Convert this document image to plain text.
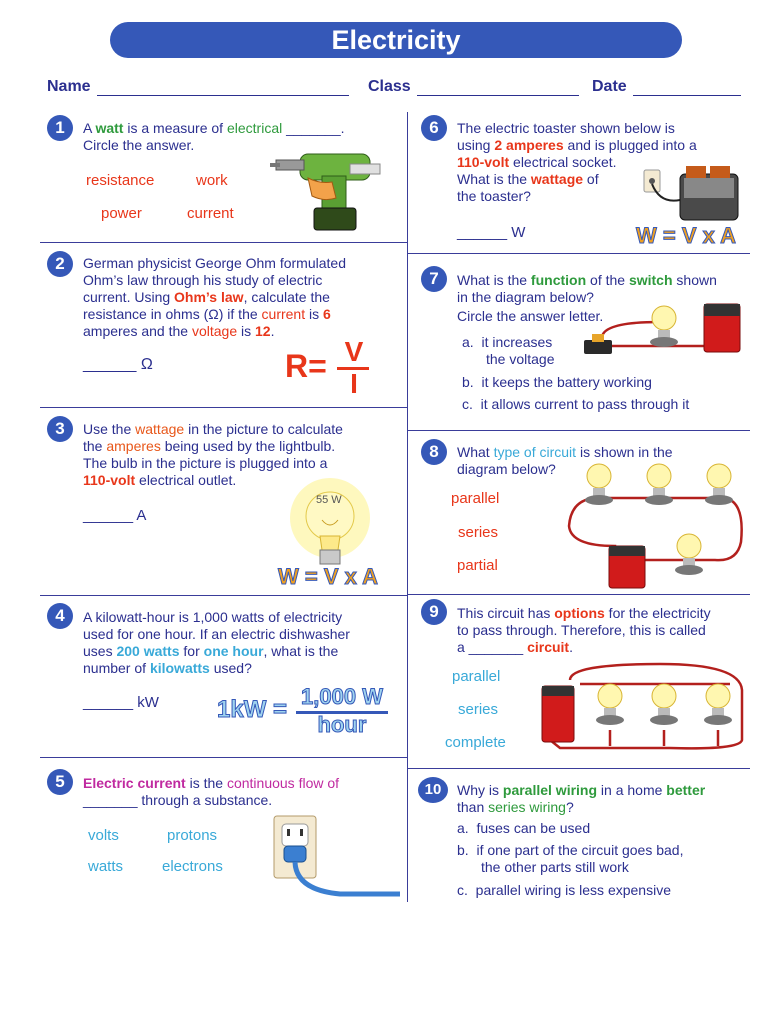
Electricity
Name	Class	Date
1	A watt is a measure of electrical _______.
Circle the answer.
resistance	work
power	current
2	German physicist George Ohm formulated
Ohm’s law through his study of electric
current. Using Ohm’s law, calculate the
resistance in ohms (Ω) if the current is 6
amperes and the voltage is 12.
______ Ω	R= V
I
3	Use the wattage in the picture to calculate
the amperes being used by the lightbulb.
The bulb in the picture is plugged into a
110-volt electrical outlet.
______ A
55 W
W = V x A
4	A kilowatt-hour is 1,000 watts of electricity
used for one hour. If an electric dishwasher
uses 200 watts for one hour, what is the
number of kilowatts used?
______ kW 1kW = 1,000 W
hour
5	Electric current is the continuous flow of
_______ through a substance.
volts	protons
watts	electrons
6	The electric toaster shown below is
using 2 amperes and is plugged into a
110-volt electrical socket.
What is the wattage of
the toaster?
______ W	W = V x A
7	What is the function of the switch shown
in the diagram below?
Circle the answer letter.
a. it increases
the voltage
b. it keeps the battery working
c. it allows current to pass through it
8	What type of circuit is shown in the
diagram below?
parallel
series
partial
9	This circuit has options for the electricity
to pass through. Therefore, this is called
a _______ circuit.
parallel
series
complete
10	Why is parallel wiring in a home better
than series wiring?
a. fuses can be used
b. if one part of the circuit goes bad,
the other parts still work
c. parallel wiring is less expensive
